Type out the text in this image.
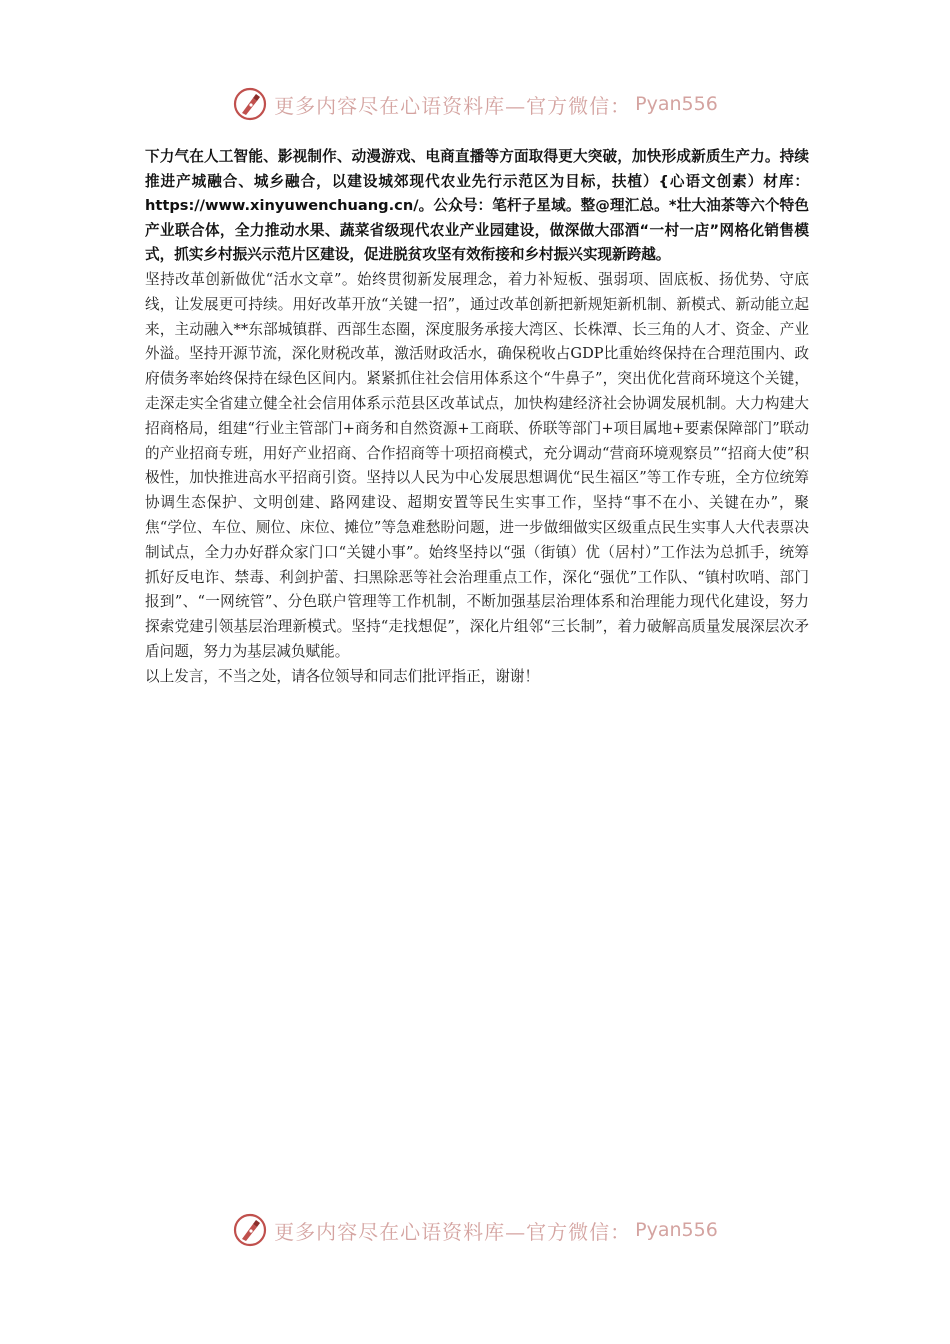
更多内容尽在心语资料库—官方微信： Pyan556

下力气在人工智能、影视制作、动漫游戏、电商直播等方面取得更大突破，加快形成新质生产力。持续推进产城融合、城乡融合，以建设城郊现代农业先行示范区为目标，扶植）{心语文创素）材库：https://www.xinyuwenchuang.cn/。公众号：笔杆子星域。整@理汇总。*壮大油茶等六个特色产业联合体，全力推动水果、蔬菜省级现代农业产业园建设，做深做大邵酒“一村一店”网格化销售模式，抓实乡村振兴示范片区建设，促进脱贫攻坚有效衔接和乡村振兴实现新跨越。

坚持改革创新做优“活水文章”。始终贯彻新发展理念，着力补短板、强弱项、固底板、扬优势、守底线，让发展更可持续。用好改革开放“关键一招”，通过改革创新把新规矩新机制、新模式、新动能立起来，主动融入**东部城镇群、西部生态圈，深度服务承接大湾区、长株潭、长三角的人才、资金、产业外溢。坚持开源节流，深化财税改革，激活财政活水，确保税收占GDP比重始终保持在合理范围内、政府债务率始终保持在绿色区间内。紧紧抓住社会信用体系这个“牛鼻子”，突出优化营商环境这个关键，走深走实全省建立健全社会信用体系示范县区改革试点，加快构建经济社会协调发展机制。大力构建大招商格局，组建“行业主管部门+商务和自然资源+工商联、侨联等部门+项目属地+要素保障部门”联动的产业招商专班，用好产业招商、合作招商等十项招商模式，充分调动“营商环境观察员”“招商大使”积极性，加快推进高水平招商引资。坚持以人民为中心发展思想调优“民生福区”等工作专班，全方位统筹协调生态保护、文明创建、路网建设、超期安置等民生实事工作，坚持“事不在小、关键在办”，聚焦“学位、车位、厕位、床位、摊位”等急难愁盼问题，进一步做细做实区级重点民生实事人大代表票决制试点，全力办好群众家门口“关键小事”。始终坚持以“强（街镇）优（居村）”工作法为总抓手，统筹抓好反电诈、禁毒、利剑护蕾、扫黑除恶等社会治理重点工作，深化“强优”工作队、“镇村吹哨、部门报到”、“一网统管”、分色联户管理等工作机制，不断加强基层治理体系和治理能力现代化建设，努力探索党建引领基层治理新模式。坚持“走找想促”，深化片组邻“三长制”，着力破解高质量发展深层次矛盾问题，努力为基层减负赋能。

以上发言，不当之处，请各位领导和同志们批评指正，谢谢！

更多内容尽在心语资料库—官方微信： Pyan556
